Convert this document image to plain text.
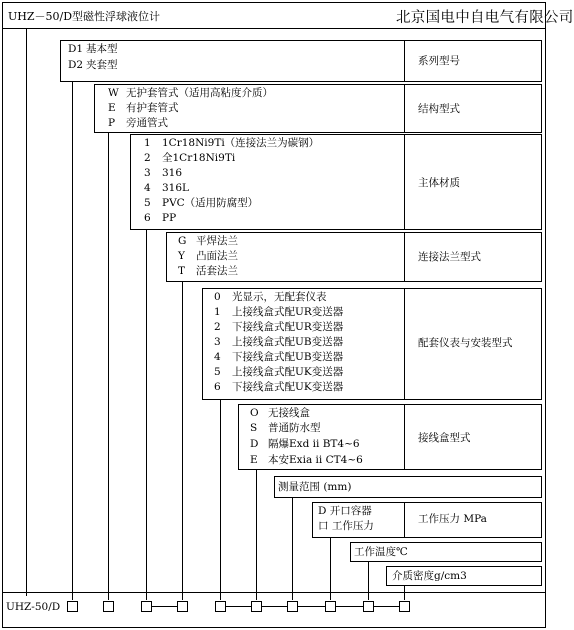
UHZ－50/D型磁性浮球液位计	北京国电中自电气有限公司
D1 基本型
D2 夹套型	系列型号
W 无护套管式（适用高粘度介质）
E 有护套管式
P 旁通管式
结构型式
1 1Cr18Ni9Ti（连接法兰为碳钢）
2 全1Cr18Ni9Ti
3 316
4 316L
5 PVC（适用防腐型）
6 PP
主体材质
G 平焊法兰
Y 凸面法兰
T 活套法兰
连接法兰型式
0 光显示，无配套仪表
1 上接线盒式配UR变送器
2 下接线盒式配UR变送器
3 上接线盒式配UB变送器
4 下接线盒式配UB变送器
5 上接线盒式配UK变送器
6 下接线盒式配UK变送器
配套仪表与安装型式
O 无接线盒
S 普通防水型
D 隔爆Exd ii BT4~6
E 本安Exia ii CT4~6
接线盒型式
测量范围 (mm)
D 开口容器
口 工作压力
工作压力 MPa
工作温度℃
介质密度g/cm3
UHZ-50/D
